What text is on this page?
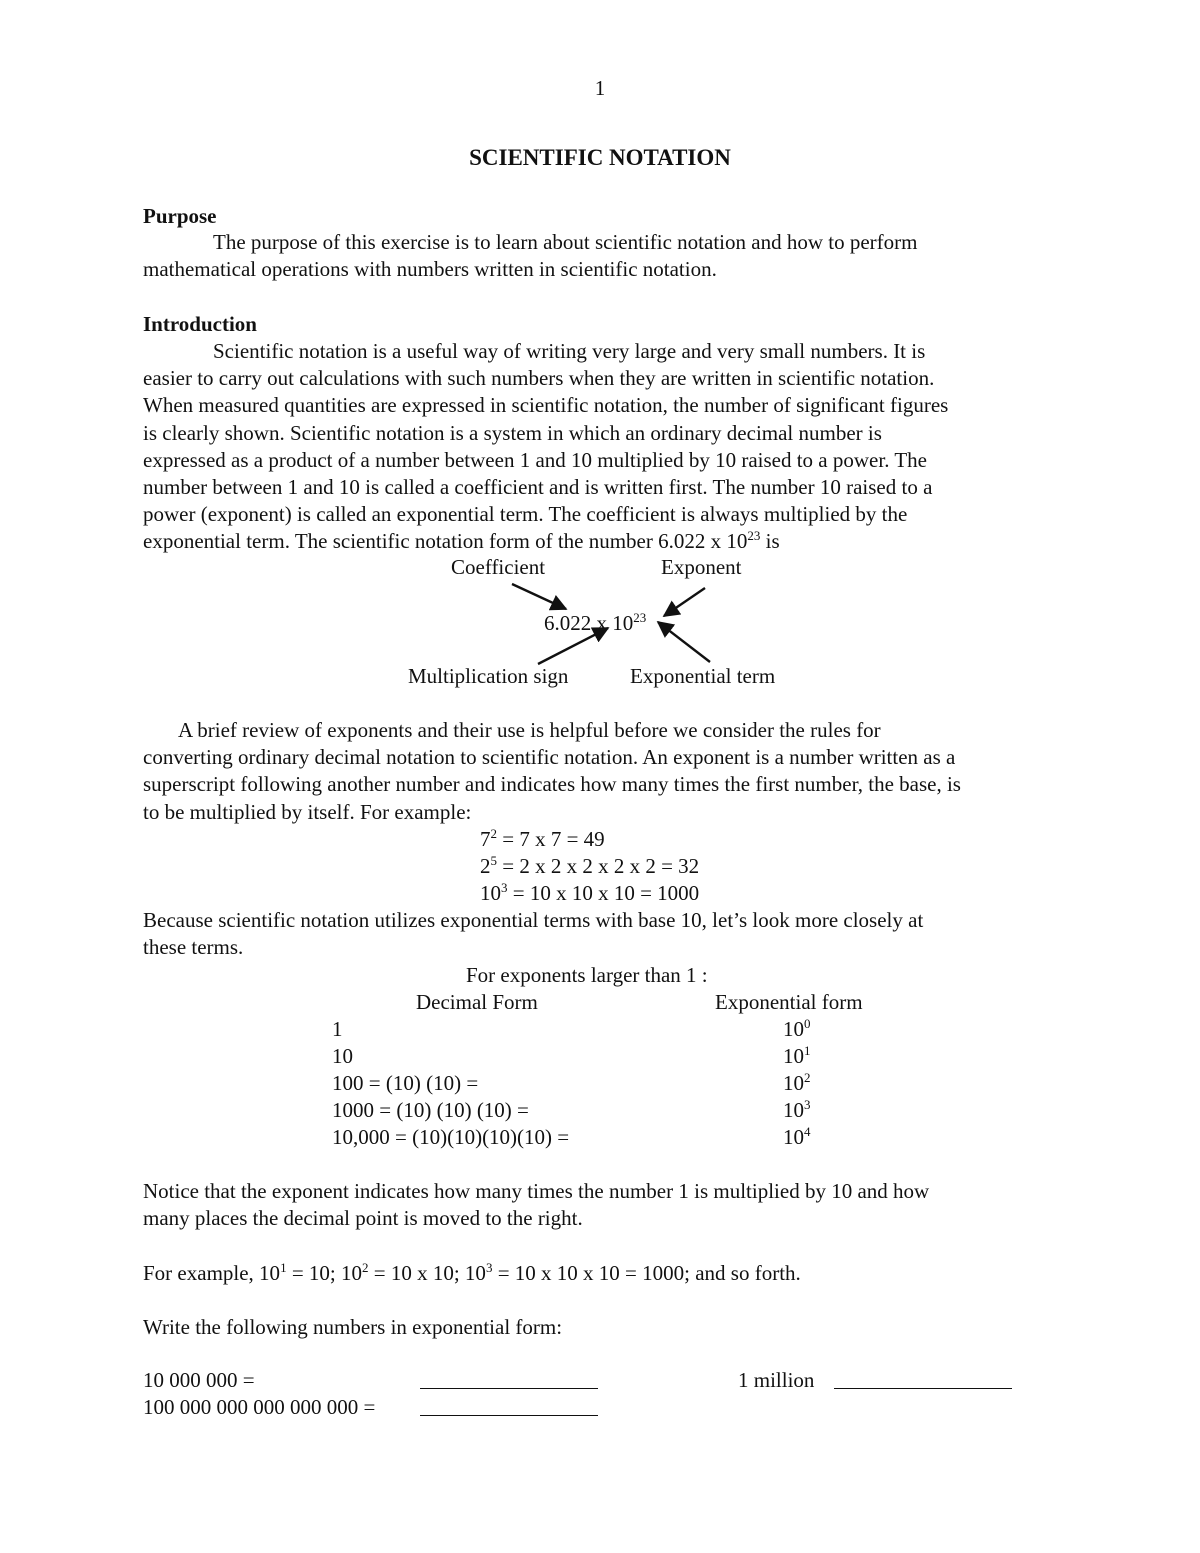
1
SCIENTIFIC NOTATION
Purpose

The purpose of this exercise is to learn about scientific notation and how to perform

mathematical operations with numbers written in scientific notation.

Introduction

Scientific notation is a useful way of writing very large and very small numbers. It is

easier to carry out calculations with such numbers when they are written in scientific notation.

When measured quantities are expressed in scientific notation, the number of significant figures

is clearly shown. Scientific notation is a system in which an ordinary decimal number is

expressed as a product of a number between 1 and 10 multiplied by 10 raised to a power. The

number between 1 and 10 is called a coefficient and is written first. The number 10 raised to a

power (exponent) is called an exponential term. The coefficient is always multiplied by the

exponential term. The scientific notation form of the number 6.022 x $10^{23}$ is

Coefficient	Exponent
6.022 x $10^{23}$
Multiplication sign	Exponential term

A brief review of exponents and their use is helpful before we consider the rules for

converting ordinary decimal notation to scientific notation. An exponent is a number written as a

superscript following another number and indicates how many times the first number, the base, is

to be multiplied by itself. For example:

$7^2 = 7$ x 7 = 49
$2^5 = 2$ x 2 x 2 x 2 x 2 = 32
$10^3 = 10$ x 10 x 10 = 1000

Because scientific notation utilizes exponential terms with base 10, let’s look more closely at

these terms.

For exponents larger than 1 :
Decimal Form	Exponential form
1	$10^0$
10	$10^1$
100 = (10) (10) =	$10^2$
1000 = (10) (10) (10) =	$10^3$
10,000 = (10)(10)(10)(10) =	$10^4$

Notice that the exponent indicates how many times the number 1 is multiplied by 10 and how

many places the decimal point is moved to the right.

For example, $10^1 = 10$; $10^2 = 10$ x 10; $10^3 = 10$ x 10 x 10 = 1000; and so forth.
Write the following numbers in exponential form:
10 000 000 =	1 million
100 000 000 000 000 000 =
